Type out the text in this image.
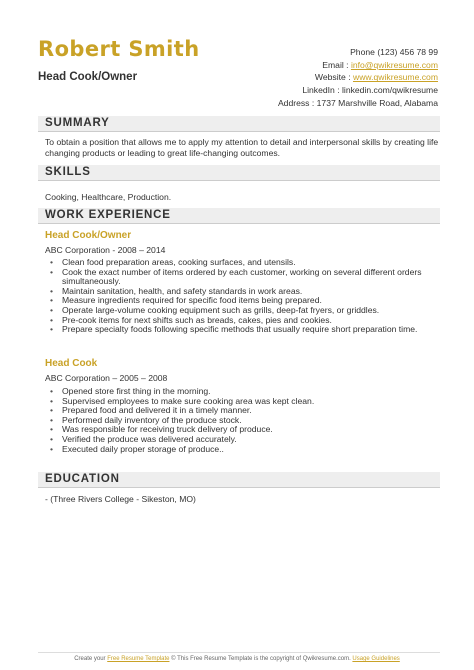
Robert Smith
Head Cook/Owner
Phone (123) 456 78 99
Email : info@qwikresume.com
Website : www.qwikresume.com
LinkedIn : linkedin.com/qwikresume
Address : 1737 Marshville Road, Alabama
SUMMARY

To obtain a position that allows me to apply my attention to detail and interpersonal skills by creating life changing products or leading to great life-changing outcomes.

SKILLS

Cooking, Healthcare, Production.

WORK EXPERIENCE
Head Cook/Owner
ABC Corporation - 2008 – 2014
• Clean food preparation areas, cooking surfaces, and utensils.
• Cook the exact number of items ordered by each customer, working on several different orders simultaneously.
• Maintain sanitation, health, and safety standards in work areas.
• Measure ingredients required for specific food items being prepared.
• Operate large-volume cooking equipment such as grills, deep-fat fryers, or griddles.
• Pre-cook items for next shifts such as breads, cakes, pies and cookies.
• Prepare specialty foods following specific methods that usually require short preparation time.
Head Cook
ABC Corporation – 2005 – 2008
• Opened store first thing in the morning.
• Supervised employees to make sure cooking area was kept clean.
• Prepared food and delivered it in a timely manner.
• Performed daily inventory of the produce stock.
• Was responsible for receiving truck delivery of produce.
• Verified the produce was delivered accurately.
• Executed daily proper storage of produce..
EDUCATION

- (Three Rivers College - Sikeston, MO)

Create your Free Resume Template © This Free Resume Template is the copyright of Qwikresume.com. Usage Guidelines
